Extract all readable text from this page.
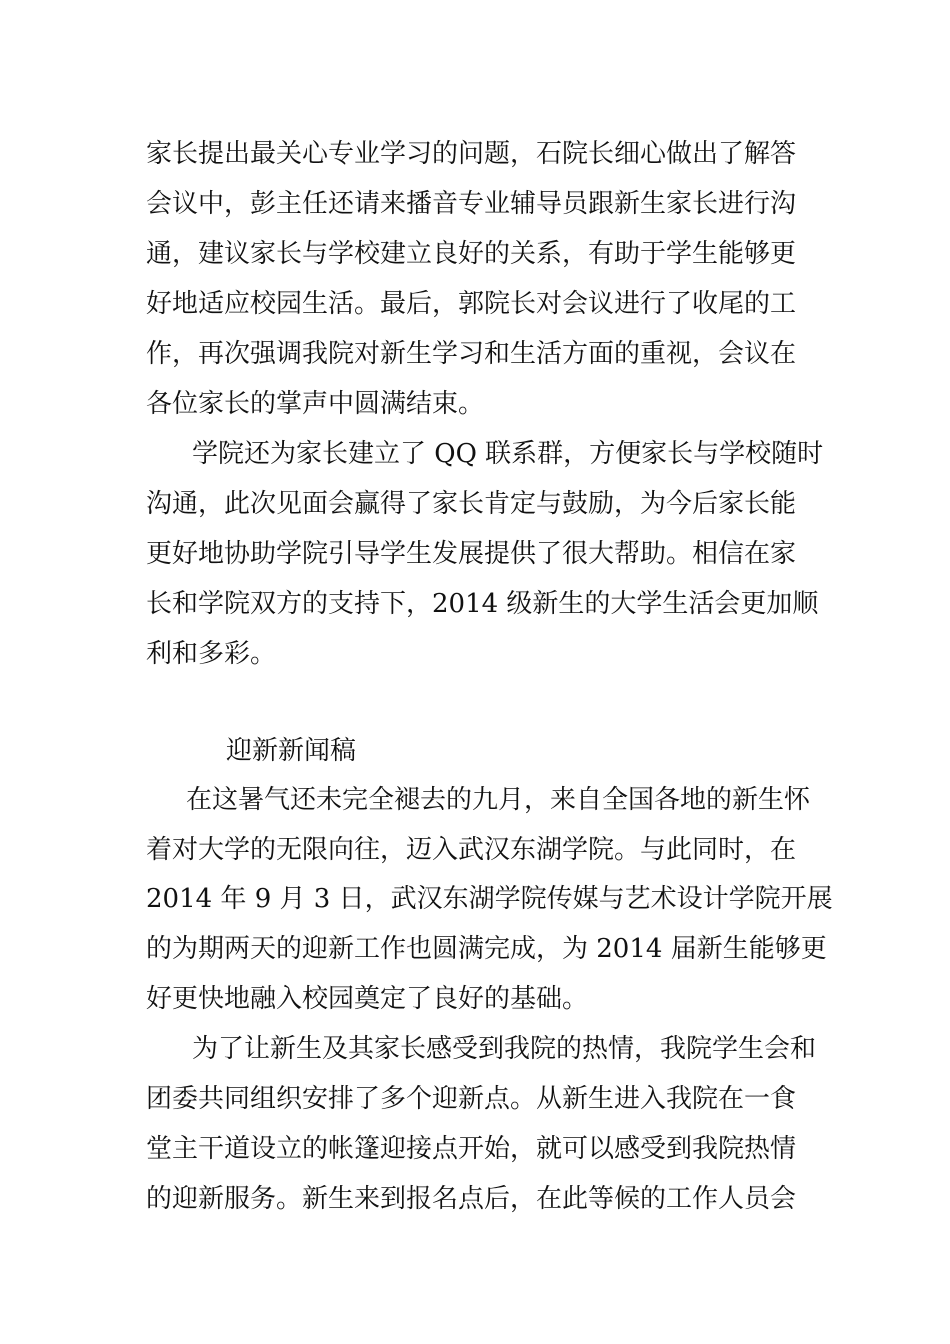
家长提出最关心专业学习的问题，石院长细心做出了解答

会议中，彭主任还请来播音专业辅导员跟新生家长进行沟

通，建议家长与学校建立良好的关系，有助于学生能够更

好地适应校园生活。最后，郭院长对会议进行了收尾的工

作，再次强调我院对新生学习和生活方面的重视，会议在

各位家长的掌声中圆满结束。

学院还为家长建立了 QQ 联系群，方便家长与学校随时

沟通，此次见面会赢得了家长肯定与鼓励，为今后家长能

更好地协助学院引导学生发展提供了很大帮助。相信在家

长和学院双方的支持下，2014 级新生的大学生活会更加顺

利和多彩。

迎新新闻稿

在这暑气还未完全褪去的九月，来自全国各地的新生怀

着对大学的无限向往，迈入武汉东湖学院。与此同时，在

2014 年 9 月 3 日，武汉东湖学院传媒与艺术设计学院开展

的为期两天的迎新工作也圆满完成，为 2014 届新生能够更

好更快地融入校园奠定了良好的基础。

为了让新生及其家长感受到我院的热情，我院学生会和

团委共同组织安排了多个迎新点。从新生进入我院在一食

堂主干道设立的帐篷迎接点开始，就可以感受到我院热情

的迎新服务。新生来到报名点后，在此等候的工作人员会
